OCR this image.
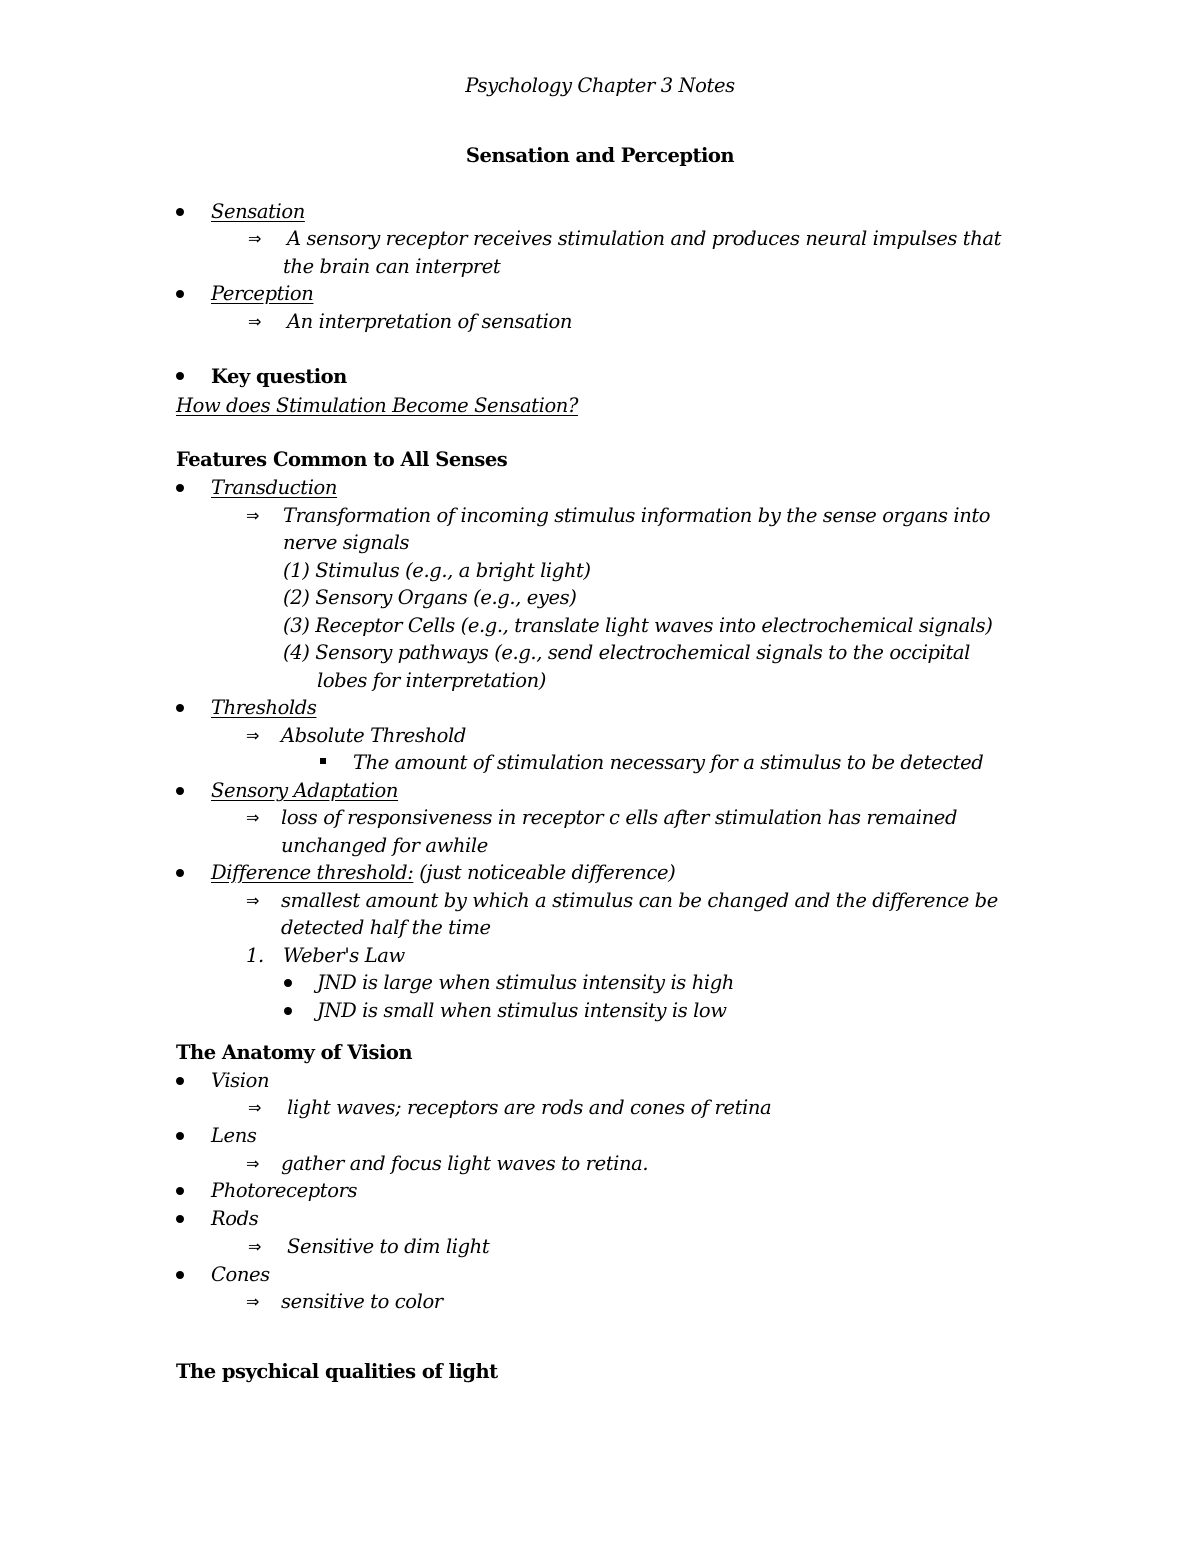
Psychology Chapter 3 Notes
Sensation and Perception
Sensation
⇒ A sensory receptor receives stimulation and produces neural impulses that
the brain can interpret
Perception
⇒ An interpretation of sensation
Key question
How does Stimulation Become Sensation?
Features Common to All Senses
Transduction
⇒ Transformation of incoming stimulus information by the sense organs into
nerve signals
(1) Stimulus (e.g., a bright light)
(2) Sensory Organs (e.g., eyes)
(3) Receptor Cells (e.g., translate light waves into electrochemical signals)
(4) Sensory pathways (e.g., send electrochemical signals to the occipital
lobes for interpretation)
Thresholds
⇒ Absolute Threshold
The amount of stimulation necessary for a stimulus to be detected
Sensory Adaptation
⇒ loss of responsiveness in receptor c ells after stimulation has remained
unchanged for awhile
Difference threshold: (just noticeable difference)
⇒ smallest amount by which a stimulus can be changed and the difference be
detected half the time
1. Weber's Law
JND is large when stimulus intensity is high
JND is small when stimulus intensity is low
The Anatomy of Vision
Vision
⇒ light waves; receptors are rods and cones of retina
Lens
⇒ gather and focus light waves to retina.
Photoreceptors
Rods
⇒ Sensitive to dim light
Cones
⇒ sensitive to color
The psychical qualities of light
